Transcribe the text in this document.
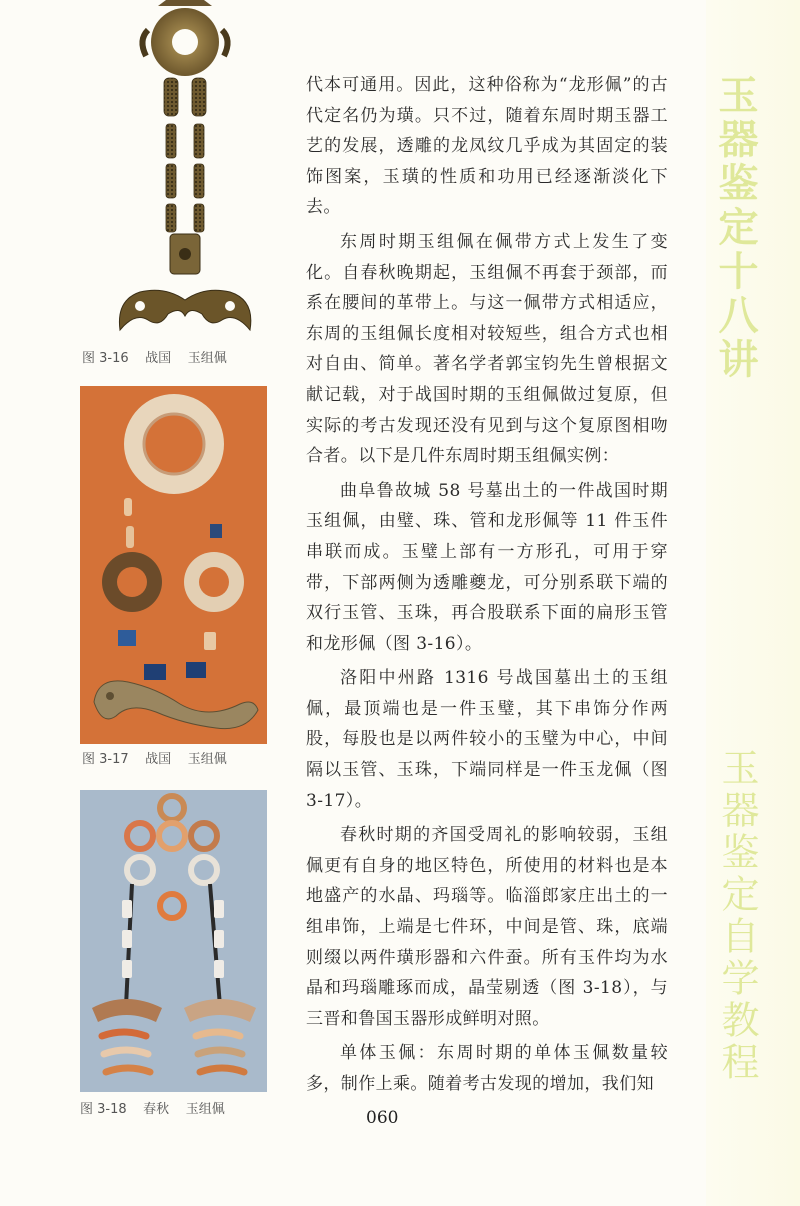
玉器鉴定十八讲
玉器鉴定自学教程
图 3-16    战国    玉组佩
图 3-17    战国    玉组佩
图 3-18    春秋    玉组佩

代本可通用。因此，这种俗称为“龙形佩”的古代定名仍为璜。只不过，随着东周时期玉器工艺的发展，透雕的龙凤纹几乎成为其固定的装饰图案，玉璜的性质和功用已经逐渐淡化下去。

东周时期玉组佩在佩带方式上发生了变化。自春秋晚期起，玉组佩不再套于颈部，而系在腰间的革带上。与这一佩带方式相适应，东周的玉组佩长度相对较短些，组合方式也相对自由、简单。著名学者郭宝钧先生曾根据文献记载，对于战国时期的玉组佩做过复原，但实际的考古发现还没有见到与这个复原图相吻合者。以下是几件东周时期玉组佩实例：

曲阜鲁故城 58 号墓出土的一件战国时期玉组佩，由璧、珠、管和龙形佩等 11 件玉件串联而成。玉璧上部有一方形孔，可用于穿带，下部两侧为透雕夔龙，可分别系联下端的双行玉管、玉珠，再合股联系下面的扁形玉管和龙形佩（图 3-16）。

洛阳中州路 1316 号战国墓出土的玉组佩，最顶端也是一件玉璧，其下串饰分作两股，每股也是以两件较小的玉璧为中心，中间隔以玉管、玉珠，下端同样是一件玉龙佩（图 3-17）。

春秋时期的齐国受周礼的影响较弱，玉组佩更有自身的地区特色，所使用的材料也是本地盛产的水晶、玛瑙等。临淄郎家庄出土的一组串饰，上端是七件环，中间是管、珠，底端则缀以两件璜形器和六件蚕。所有玉件均为水晶和玛瑙雕琢而成，晶莹剔透（图 3-18），与三晋和鲁国玉器形成鲜明对照。

单体玉佩：东周时期的单体玉佩数量较多，制作上乘。随着考古发现的增加，我们知

060
